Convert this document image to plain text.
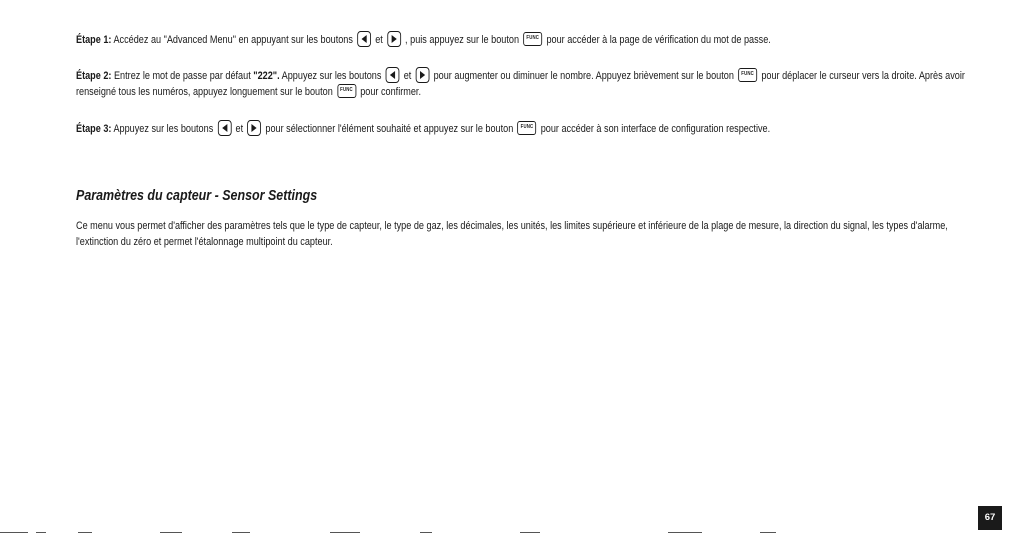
Étape 1: Accédez au "Advanced Menu" en appuyant sur les boutons
et
, puis appuyez sur le bouton FUNC pour accéder à la page de vérification du mot de passe.
Étape 2: Entrez le mot de passe par défaut "222". Appuyez sur les boutons
et
pour augmenter ou diminuer le nombre. Appuyez brièvement sur le bouton FUNC pour déplacer le curseur vers la droite. Après avoir renseigné tous les numéros, appuyez longuement sur le bouton FUNC pour confirmer.
Étape 3: Appuyez sur les boutons
et
pour sélectionner l'élément souhaité et appuyez sur le bouton FUNC pour accéder à son interface de configuration respective.
Paramètres du capteur - Sensor Settings
Ce menu vous permet d'afficher des paramètres tels que le type de capteur, le type de gaz, les décimales, les unités, les limites supérieure et inférieure de la plage de mesure, la direction du signal, les types d'alarme, l'extinction du zéro et permet l'étalonnage multipoint du capteur.
67
